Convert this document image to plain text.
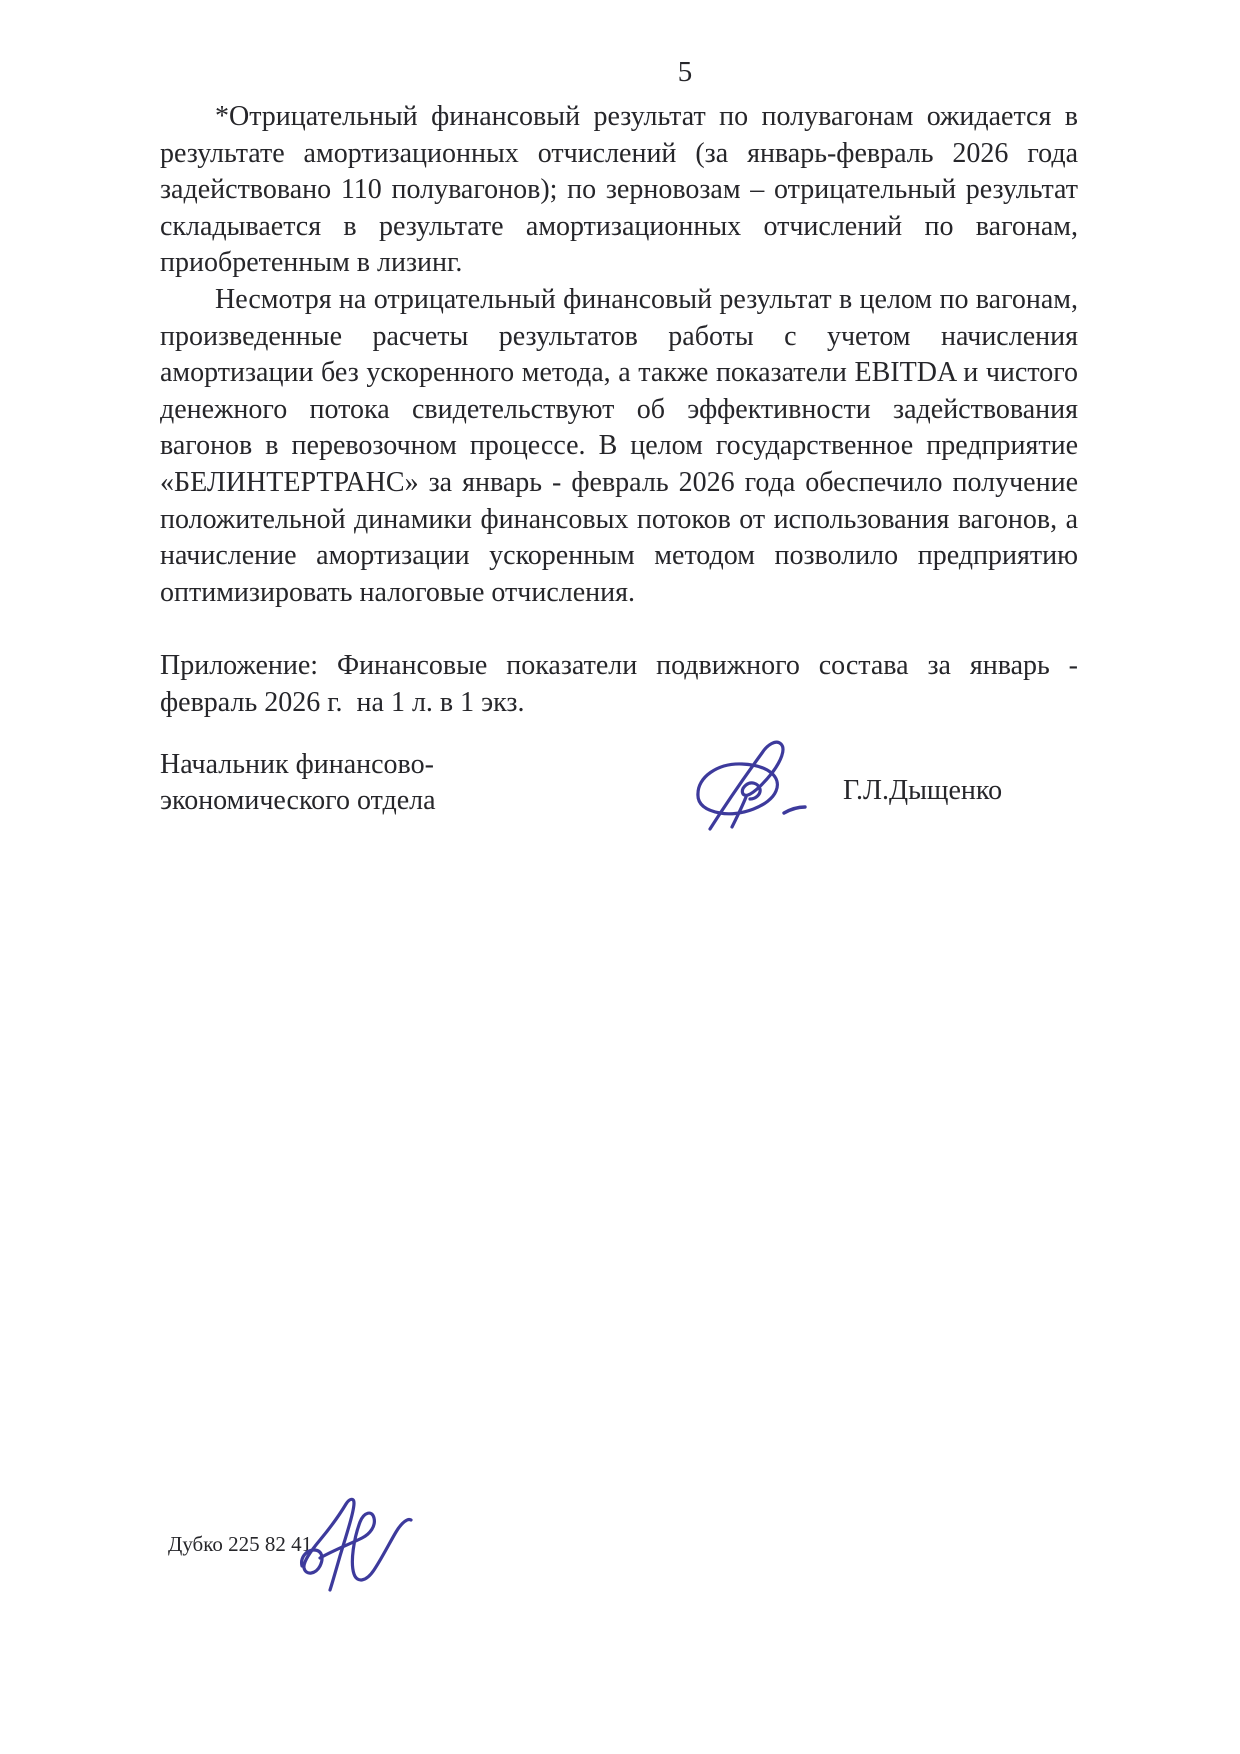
5

*Отрицательный финансовый результат по полувагонам ожидается в результате амортизационных отчислений (за январь-февраль 2026 года задействовано 110 полувагонов); по зерновозам – отрицательный результат складывается в результате амортизационных отчислений по вагонам, приобретенным в лизинг.

Несмотря на отрицательный финансовый результат в целом по вагонам, произведенные расчеты результатов работы с учетом начисления амортизации без ускоренного метода, а также показатели EBITDA и чистого денежного потока свидетельствуют об эффективности задействования вагонов в перевозочном процессе. В целом государственное предприятие «БЕЛИНТЕРТРАНС» за январь - февраль 2026 года обеспечило получение положительной динамики финансовых потоков от использования вагонов, а начисление амортизации ускоренным методом позволило предприятию оптимизировать налоговые отчисления.

Приложение: Финансовые показатели подвижного состава за январь - февраль 2026 г.  на 1 л. в 1 экз.

Начальник финансово-
экономического отдела	Г.Л.Дыщенко
Дубко 225 82 41
